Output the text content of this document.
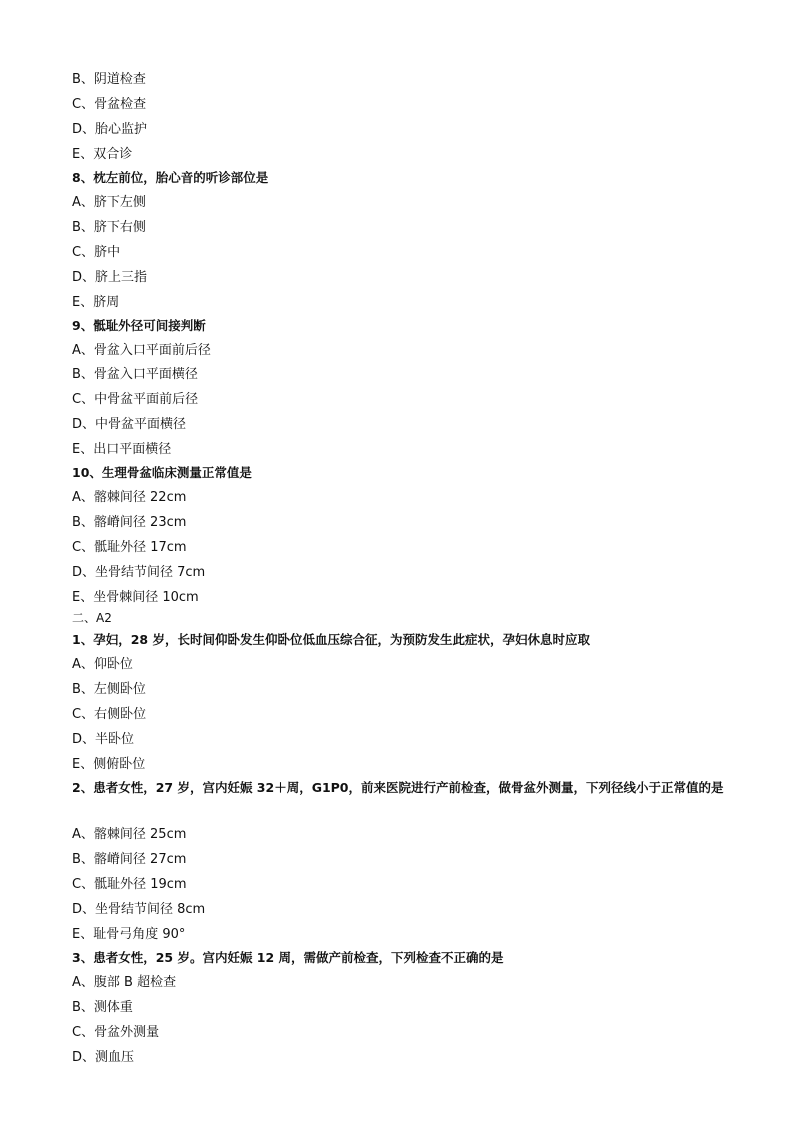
B、阴道检查
C、骨盆检查
D、胎心监护
E、双合诊
8、枕左前位，胎心音的听诊部位是
A、脐下左侧
B、脐下右侧
C、脐中
D、脐上三指
E、脐周
9、骶耻外径可间接判断
A、骨盆入口平面前后径
B、骨盆入口平面横径
C、中骨盆平面前后径
D、中骨盆平面横径
E、出口平面横径
10、生理骨盆临床测量正常值是
A、髂棘间径 22cm
B、髂嵴间径 23cm
C、骶耻外径 17cm
D、坐骨结节间径 7cm
E、坐骨棘间径 10cm
二、A2
1、孕妇，28 岁，长时间仰卧发生仰卧位低血压综合征，为预防发生此症状，孕妇休息时应取
A、仰卧位
B、左侧卧位
C、右侧卧位
D、半卧位
E、侧俯卧位
2、患者女性，27 岁，宫内妊娠 32＋周，G1P0，前来医院进行产前检查，做骨盆外测量，下列径线小于正常值的是
A、髂棘间径 25cm
B、髂嵴间径 27cm
C、骶耻外径 19cm
D、坐骨结节间径 8cm
E、耻骨弓角度 90°
3、患者女性，25 岁。宫内妊娠 12 周，需做产前检查，下列检查不正确的是
A、腹部 B 超检查
B、测体重
C、骨盆外测量
D、测血压
